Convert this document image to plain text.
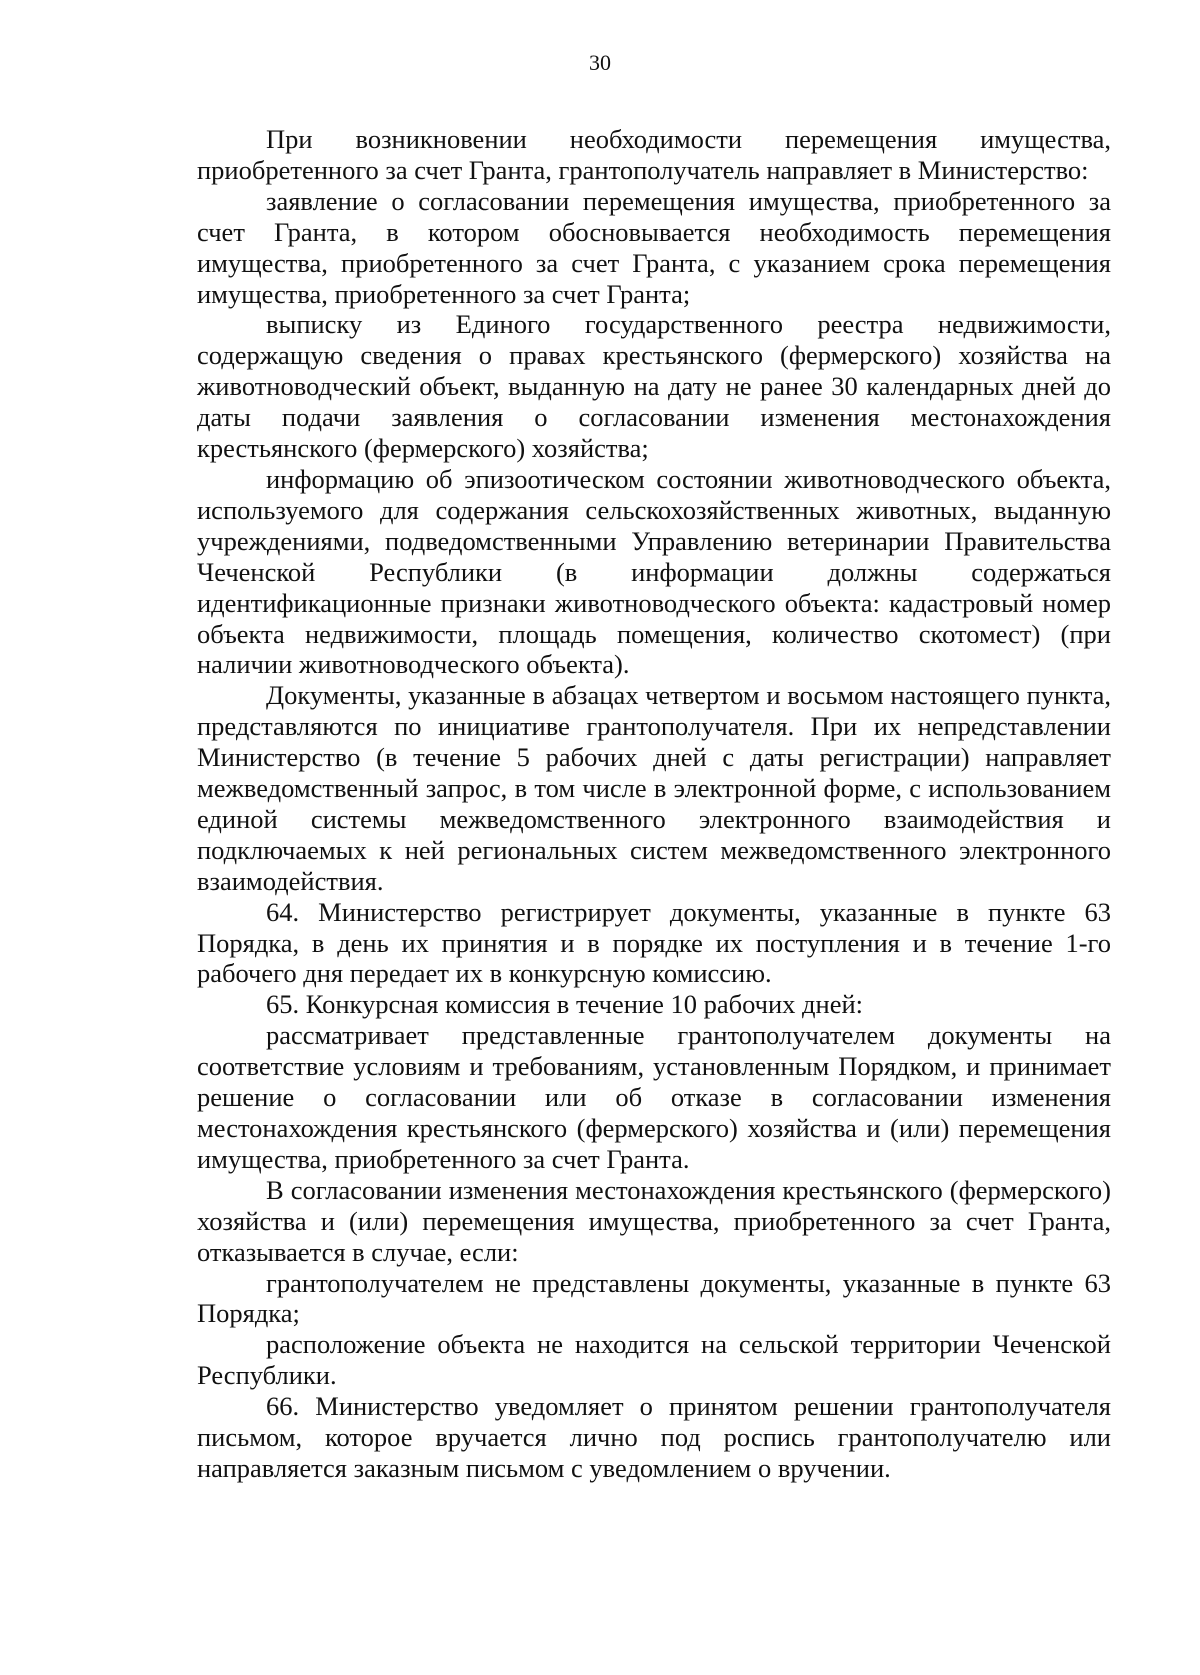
30

При возникновении необходимости перемещения имущества, приобретенного за счет Гранта, грантополучатель направляет в Министерство:

заявление о согласовании перемещения имущества, приобретенного за счет Гранта, в котором обосновывается необходимость перемещения имущества, приобретенного за счет Гранта, с указанием срока перемещения имущества, приобретенного за счет Гранта;

выписку из Единого государственного реестра недвижимости, содержащую сведения о правах крестьянского (фермерского) хозяйства на животноводческий объект, выданную на дату не ранее 30 календарных дней до даты подачи заявления о согласовании изменения местонахождения крестьянского (фермерского) хозяйства;

информацию об эпизоотическом состоянии животноводческого объекта, используемого для содержания сельскохозяйственных животных, выданную учреждениями, подведомственными Управлению ветеринарии Правительства Чеченской Республики (в информации должны содержаться идентификационные признаки животноводческого объекта: кадастровый номер объекта недвижимости, площадь помещения, количество скотомест) (при наличии животноводческого объекта).

Документы, указанные в абзацах четвертом и восьмом настоящего пункта, представляются по инициативе грантополучателя. При их непредставлении Министерство (в течение 5 рабочих дней с даты регистрации) направляет межведомственный запрос, в том числе в электронной форме, с использованием единой системы межведомственного электронного взаимодействия и подключаемых к ней региональных систем межведомственного электронного взаимодействия.

64. Министерство регистрирует документы, указанные в пункте 63 Порядка, в день их принятия и в порядке их поступления и в течение 1-го рабочего дня передает их в конкурсную комиссию.

65. Конкурсная комиссия в течение 10 рабочих дней:

рассматривает представленные грантополучателем документы на соответствие условиям и требованиям, установленным Порядком, и принимает решение о согласовании или об отказе в согласовании изменения местонахождения крестьянского (фермерского) хозяйства и (или) перемещения имущества, приобретенного за счет Гранта.

В согласовании изменения местонахождения крестьянского (фермерского) хозяйства и (или) перемещения имущества, приобретенного за счет Гранта, отказывается в случае, если:

грантополучателем не представлены документы, указанные в пункте 63 Порядка;

расположение объекта не находится на сельской территории Чеченской Республики.

66. Министерство уведомляет о принятом решении грантополучателя письмом, которое вручается лично под роспись грантополучателю или направляется заказным письмом с уведомлением о вручении.
